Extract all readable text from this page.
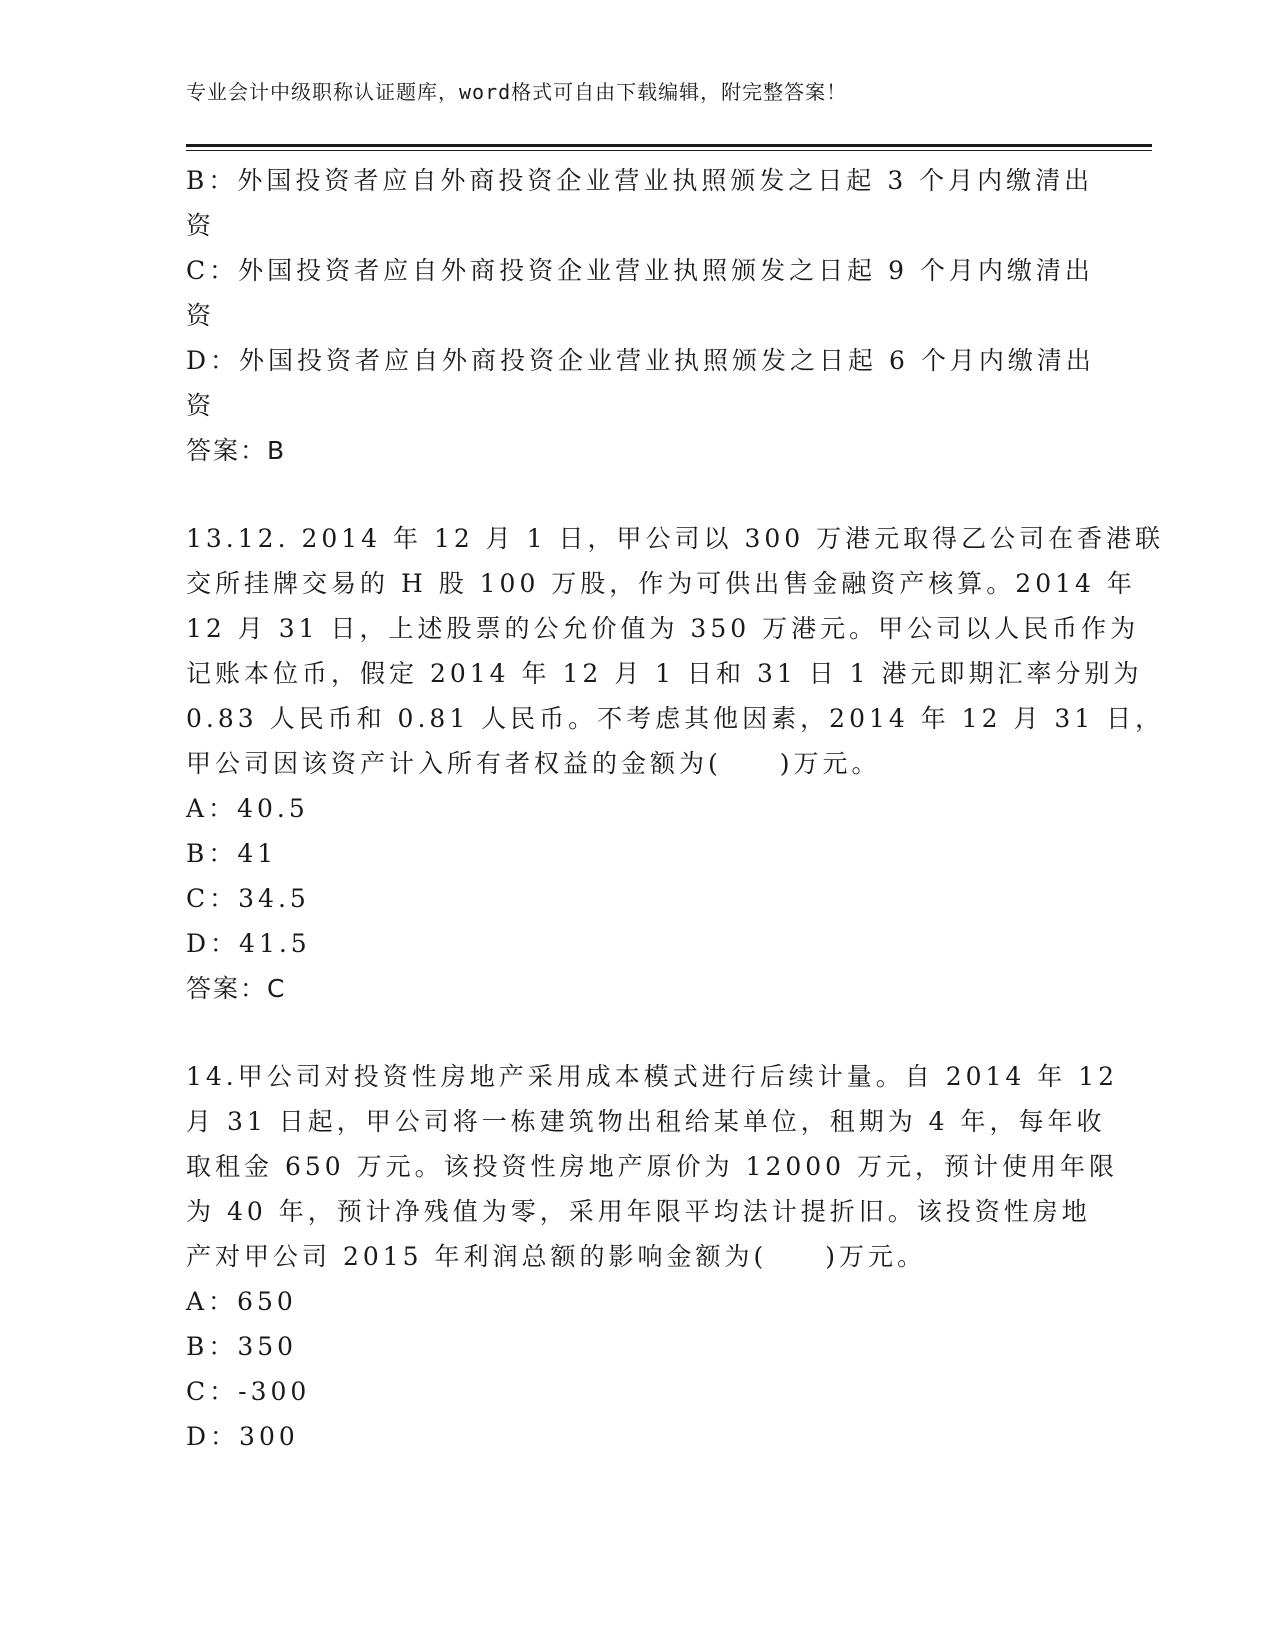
专业会计中级职称认证题库，word格式可自由下载编辑，附完整答案！
B：外国投资者应自外商投资企业营业执照颁发之日起 3 个月内缴清出
资
C：外国投资者应自外商投资企业营业执照颁发之日起 9 个月内缴清出
资
D：外国投资者应自外商投资企业营业执照颁发之日起 6 个月内缴清出
资
答案：B
13.12. 2014 年 12 月 1 日，甲公司以 300 万港元取得乙公司在香港联
交所挂牌交易的 H 股 100 万股，作为可供出售金融资产核算。2014 年
12 月 31 日，上述股票的公允价值为 350 万港元。甲公司以人民币作为
记账本位币，假定 2014 年 12 月 1 日和 31 日 1 港元即期汇率分别为
0.83 人民币和 0.81 人民币。不考虑其他因素，2014 年 12 月 31 日，
甲公司因该资产计入所有者权益的金额为(　　)万元。
A：40.5
B：41
C：34.5
D：41.5
答案：C
14.甲公司对投资性房地产采用成本模式进行后续计量。自 2014 年 12
月 31 日起，甲公司将一栋建筑物出租给某单位，租期为 4 年，每年收
取租金 650 万元。该投资性房地产原价为 12000 万元，预计使用年限
为 40 年，预计净残值为零，采用年限平均法计提折旧。该投资性房地
产对甲公司 2015 年利润总额的影响金额为(　　)万元。
A：650
B：350
C：-300
D：300
